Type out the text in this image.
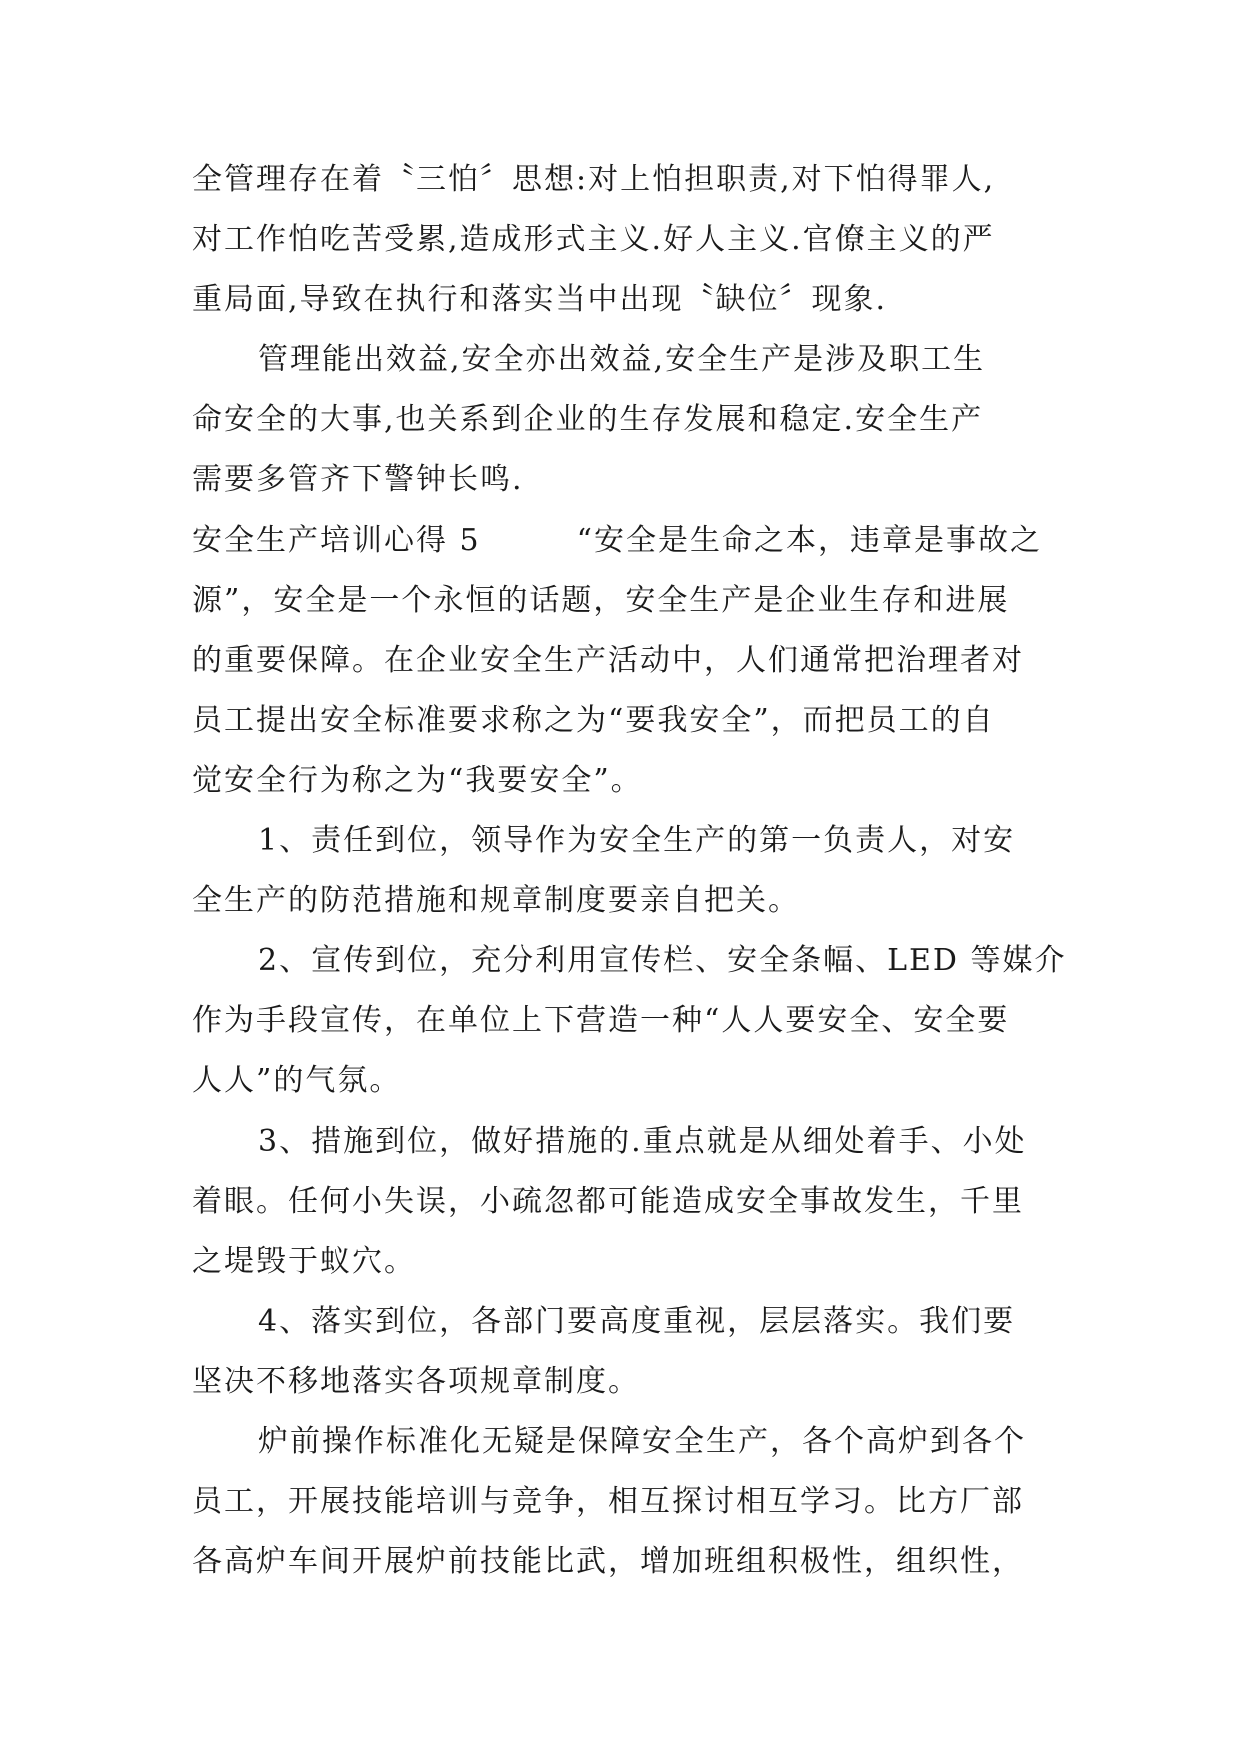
全管理存在着〝三怕〞思想:对上怕担职责,对下怕得罪人,
对工作怕吃苦受累,造成形式主义.好人主义.官僚主义的严
重局面,导致在执行和落实当中出现〝缺位〞现象.
管理能出效益,安全亦出效益,安全生产是涉及职工生
命安全的大事,也关系到企业的生存发展和稳定.安全生产
需要多管齐下警钟长鸣.
安全生产培训心得 5　　　“安全是生命之本，违章是事故之
源”，安全是一个永恒的话题，安全生产是企业生存和进展
的重要保障。在企业安全生产活动中，人们通常把治理者对
员工提出安全标准要求称之为“要我安全”，而把员工的自
觉安全行为称之为“我要安全”。
1、责任到位，领导作为安全生产的第一负责人，对安
全生产的防范措施和规章制度要亲自把关。
2、宣传到位，充分利用宣传栏、安全条幅、LED 等媒介
作为手段宣传，在单位上下营造一种“人人要安全、安全要
人人”的气氛。
3、措施到位，做好措施的.重点就是从细处着手、小处
着眼。任何小失误，小疏忽都可能造成安全事故发生，千里
之堤毁于蚁穴。
4、落实到位，各部门要高度重视，层层落实。我们要
坚决不移地落实各项规章制度。
炉前操作标准化无疑是保障安全生产，各个高炉到各个
员工，开展技能培训与竞争，相互探讨相互学习。比方厂部
各高炉车间开展炉前技能比武，增加班组积极性，组织性，
